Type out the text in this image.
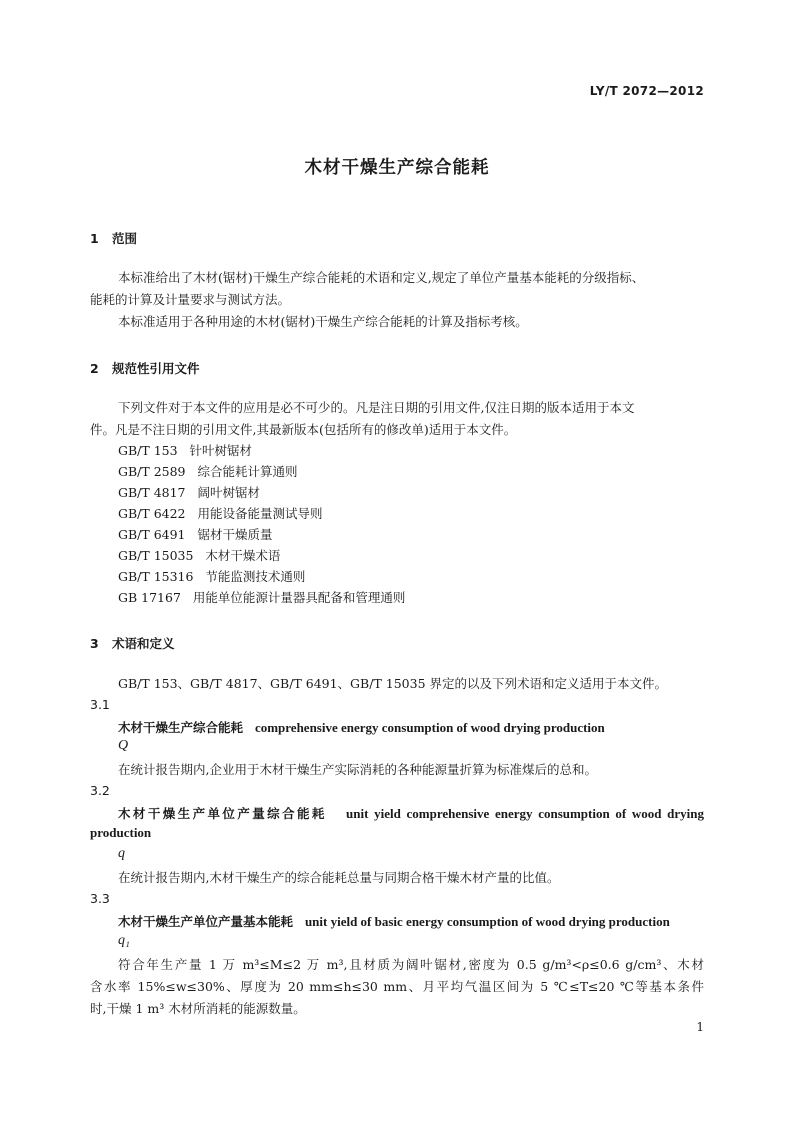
LY/T 2072—2012
木材干燥生产综合能耗
1 范围
本标准给出了木材(锯材)干燥生产综合能耗的术语和定义,规定了单位产量基本能耗的分级指标、
能耗的计算及计量要求与测试方法。
本标准适用于各种用途的木材(锯材)干燥生产综合能耗的计算及指标考核。
2 规范性引用文件
下列文件对于本文件的应用是必不可少的。凡是注日期的引用文件,仅注日期的版本适用于本文
件。凡是不注日期的引用文件,其最新版本(包括所有的修改单)适用于本文件。
GB/T 153 针叶树锯材
GB/T 2589 综合能耗计算通则
GB/T 4817 阔叶树锯材
GB/T 6422 用能设备能量测试导则
GB/T 6491 锯材干燥质量
GB/T 15035 木材干燥术语
GB/T 15316 节能监测技术通则
GB 17167 用能单位能源计量器具配备和管理通则
3 术语和定义
GB/T 153、GB/T 4817、GB/T 6491、GB/T 15035 界定的以及下列术语和定义适用于本文件。
3.1
木材干燥生产综合能耗 comprehensive energy consumption of wood drying production
Q
在统计报告期内,企业用于木材干燥生产实际消耗的各种能源量折算为标准煤后的总和。
3.2
木材干燥生产单位产量综合能耗 unit yield comprehensive energy consumption of wood drying
production
q
在统计报告期内,木材干燥生产的综合能耗总量与同期合格干燥木材产量的比值。
3.3
木材干燥生产单位产量基本能耗 unit yield of basic energy consumption of wood drying production
q₁
符合年生产量 1 万 m³≤M≤2 万 m³,且材质为阔叶锯材,密度为 0.5 g/m³<ρ≤0.6 g/cm³、木材
含水率 15%≤w≤30%、厚度为 20 mm≤h≤30 mm、月平均气温区间为 5 ℃≤T≤20 ℃等基本条件
时,干燥 1 m³ 木材所消耗的能源数量。
1
